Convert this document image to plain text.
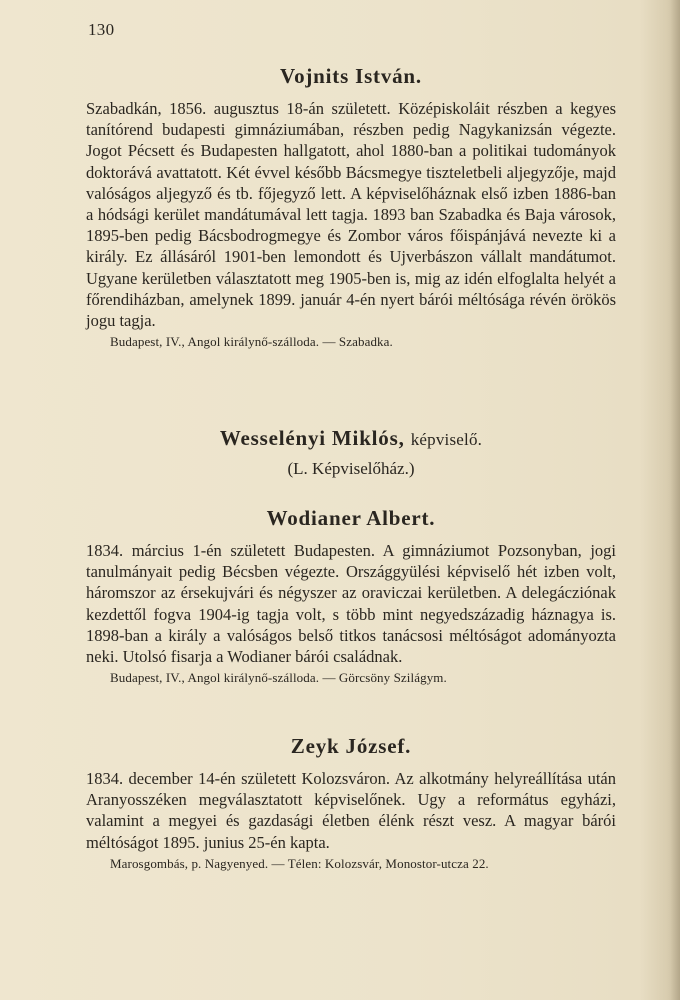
130
Vojnits István.

Szabadkán, 1856. augusztus 18-án született. Középiskoláit részben a kegyes tanítórend budapesti gimnáziumában, részben pedig Nagykanizsán végezte. Jogot Pécsett és Budapesten hallgatott, ahol 1880-ban a politikai tudományok doktorává avattatott. Két évvel később Bácsmegye tiszteletbeli aljegyzője, majd valóságos aljegyző és tb. főjegyző lett. A képviselőháznak első izben 1886-ban a hódsági kerület mandátumával lett tagja. 1893 ban Szabadka és Baja városok, 1895-ben pedig Bácsbodrogmegye és Zombor város főispánjává nevezte ki a király. Ez állásáról 1901-ben lemondott és Ujverbászon vállalt mandátumot. Ugyane kerületben választatott meg 1905-ben is, mig az idén elfoglalta helyét a főrendiházban, amelynek 1899. január 4-én nyert bárói méltósága révén örökös jogu tagja.

Budapest, IV., Angol királynő-szálloda. — Szabadka.
Wesselényi Miklós, képviselő.
(L. Képviselőház.)
Wodianer Albert.

1834. március 1-én született Budapesten. A gimnáziumot Pozsonyban, jogi tanulmányait pedig Bécsben végezte. Országgyülési képviselő hét izben volt, háromszor az érsekujvári és négyszer az oraviczai kerületben. A delegácziónak kezdettől fogva 1904-ig tagja volt, s több mint negyedszázadig háznagya is. 1898-ban a király a valóságos belső titkos tanácsosi méltóságot adományozta neki. Utolsó fisarja a Wodianer bárói családnak.

Budapest, IV., Angol királynő-szálloda. — Görcsöny Szilágym.
Zeyk József.

1834. december 14-én született Kolozsváron. Az alkotmány helyreállítása után Aranyosszéken megválasztatott képviselőnek. Ugy a református egyházi, valamint a megyei és gazdasági életben élénk részt vesz. A magyar bárói méltóságot 1895. junius 25-én kapta.

Marosgombás, p. Nagyenyed. — Télen: Kolozsvár, Monostor-utcza 22.
